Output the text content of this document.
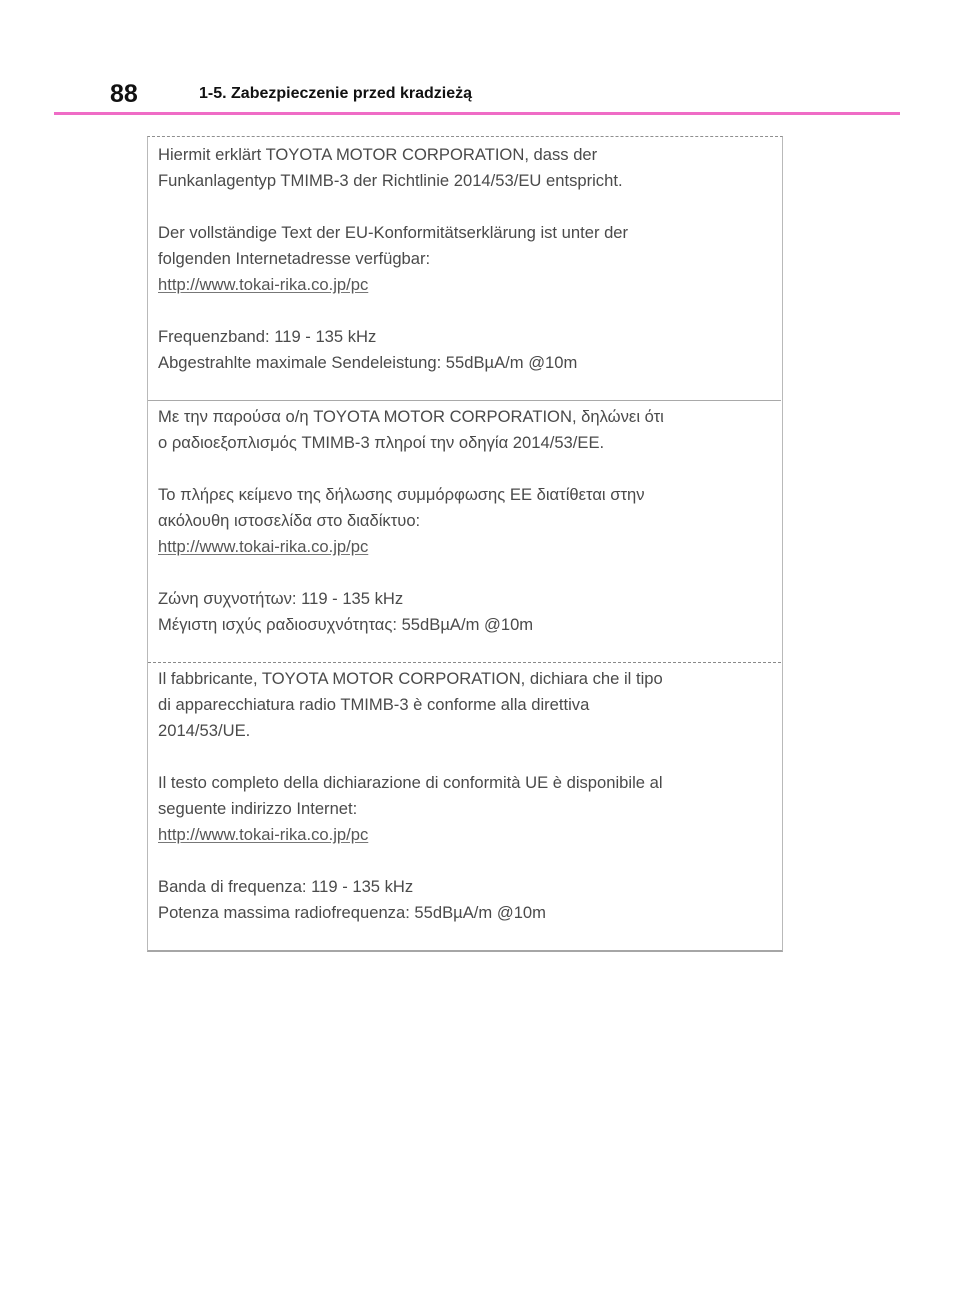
88	1-5. Zabezpieczenie przed kradzieżą

Hiermit erklärt TOYOTA MOTOR CORPORATION, dass der

Funkanlagentyp TMIMB-3 der Richtlinie 2014/53/EU entspricht.

Der vollständige Text der EU-Konformitätserklärung ist unter der

folgenden Internetadresse verfügbar:

http://www.tokai-rika.co.jp/pc

Frequenzband: 119 - 135 kHz

Abgestrahlte maximale Sendeleistung: 55dBµA/m @10m

Με την παρούσα ο/η TOYOTA MOTOR CORPORATION, δηλώνει ότι

ο ραδιοεξοπλισμός TMIMB-3 πληροί την οδηγία 2014/53/ΕΕ.

Το πλήρες κείμενο της δήλωσης συμμόρφωσης ΕΕ διατίθεται στην

ακόλουθη ιστοσελίδα στο διαδίκτυο:

http://www.tokai-rika.co.jp/pc

Ζώνη συχνοτήτων: 119 - 135 kHz

Μέγιστη ισχύς ραδιοσυχνότητας: 55dBµA/m @10m

Il fabbricante, TOYOTA MOTOR CORPORATION, dichiara che il tipo

di apparecchiatura radio TMIMB-3 è conforme alla direttiva

2014/53/UE.

Il testo completo della dichiarazione di conformità UE è disponibile al

seguente indirizzo Internet:

http://www.tokai-rika.co.jp/pc

Banda di frequenza: 119 - 135 kHz

Potenza massima radiofrequenza: 55dBµA/m @10m
